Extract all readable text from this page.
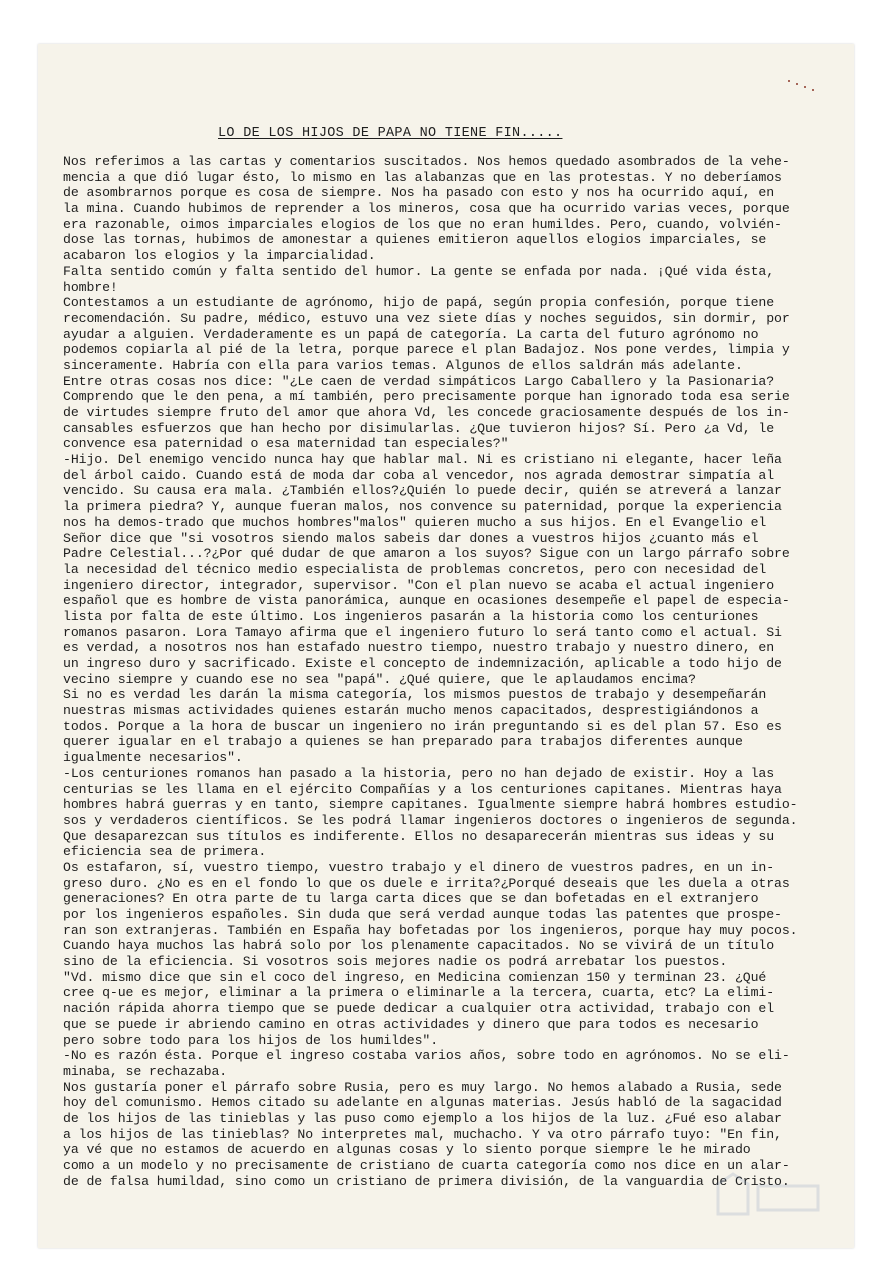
LO DE LOS HIJOS DE PAPA NO TIENE FIN.....
Nos referimos a las cartas y comentarios suscitados. Nos hemos quedado asombrados de la vehe-
mencia a que dió lugar ésto, lo mismo en las alabanzas que en las protestas. Y no deberíamos
de asombrarnos porque es cosa de siempre. Nos ha pasado con esto y nos ha ocurrido aquí, en
la mina. Cuando hubimos de reprender a los mineros, cosa que ha ocurrido varias veces, porque
era razonable, oimos imparciales elogios de los que no eran humildes. Pero, cuando, volvién-
dose las tornas, hubimos de amonestar a quienes emitieron aquellos elogios imparciales, se
acabaron los elogios y la imparcialidad.
Falta sentido común y falta sentido del humor. La gente se enfada por nada. ¡Qué vida ésta,
hombre!
Contestamos a un estudiante de agrónomo, hijo de papá, según propia confesión, porque tiene
recomendación. Su padre, médico, estuvo una vez siete días y noches seguidos, sin dormir, por
ayudar a alguien. Verdaderamente es un papá de categoría. La carta del futuro agrónomo no
podemos copiarla al pié de la letra, porque parece el plan Badajoz. Nos pone verdes, limpia y
sinceramente. Habría con ella para varios temas. Algunos de ellos saldrán más adelante.
Entre otras cosas nos dice: "¿Le caen de verdad simpáticos Largo Caballero y la Pasionaria?
Comprendo que le den pena, a mí también, pero precisamente porque han ignorado toda esa serie
de virtudes siempre fruto del amor que ahora Vd, les concede graciosamente después de los in-
cansables esfuerzos que han hecho por disimularlas. ¿Que tuvieron hijos? Sí. Pero ¿a Vd, le
convence esa paternidad o esa maternidad tan especiales?"
-Hijo. Del enemigo vencido nunca hay que hablar mal. Ni es cristiano ni elegante, hacer leña
del árbol caido. Cuando está de moda dar coba al vencedor, nos agrada demostrar simpatía al
vencido. Su causa era mala. ¿También ellos?¿Quién lo puede decir, quién se atreverá a lanzar
la primera piedra? Y, aunque fueran malos, nos convence su paternidad, porque la experiencia
nos ha demos-trado que muchos hombres"malos" quieren mucho a sus hijos. En el Evangelio el
Señor dice que "si vosotros siendo malos sabeis dar dones a vuestros hijos ¿cuanto más el
Padre Celestial...?¿Por qué dudar de que amaron a los suyos? Sigue con un largo párrafo sobre
la necesidad del técnico medio especialista de problemas concretos, pero con necesidad del
ingeniero director, integrador, supervisor. "Con el plan nuevo se acaba el actual ingeniero
español que es hombre de vista panorámica, aunque en ocasiones desempeñe el papel de especia-
lista por falta de este último. Los ingenieros pasarán a la historia como los centuriones
romanos pasaron. Lora Tamayo afirma que el ingeniero futuro lo será tanto como el actual. Si
es verdad, a nosotros nos han estafado nuestro tiempo, nuestro trabajo y nuestro dinero, en
un ingreso duro y sacrificado. Existe el concepto de indemnización, aplicable a todo hijo de
vecino siempre y cuando ese no sea "papá". ¿Qué quiere, que le aplaudamos encima?
Si no es verdad les darán la misma categoría, los mismos puestos de trabajo y desempeñarán
nuestras mismas actividades quienes estarán mucho menos capacitados, desprestigiándonos a
todos. Porque a la hora de buscar un ingeniero no irán preguntando si es del plan 57. Eso es
querer igualar en el trabajo a quienes se han preparado para trabajos diferentes aunque
igualmente necesarios".
-Los centuriones romanos han pasado a la historia, pero no han dejado de existir. Hoy a las
centurias se les llama en el ejército Compañías y a los centuriones capitanes. Mientras haya
hombres habrá guerras y en tanto, siempre capitanes. Igualmente siempre habrá hombres estudio-
sos y verdaderos científicos. Se les podrá llamar ingenieros doctores o ingenieros de segunda.
Que desaparezcan sus títulos es indiferente. Ellos no desaparecerán mientras sus ideas y su
eficiencia sea de primera.
Os estafaron, sí, vuestro tiempo, vuestro trabajo y el dinero de vuestros padres, en un in-
greso duro. ¿No es en el fondo lo que os duele e irrita?¿Porqué deseais que les duela a otras
generaciones? En otra parte de tu larga carta dices que se dan bofetadas en el extranjero
por los ingenieros españoles. Sin duda que será verdad aunque todas las patentes que prospe-
ran son extranjeras. También en España hay bofetadas por los ingenieros, porque hay muy pocos.
Cuando haya muchos las habrá solo por los plenamente capacitados. No se vivirá de un título
sino de la eficiencia. Si vosotros sois mejores nadie os podrá arrebatar los puestos.
"Vd. mismo dice que sin el coco del ingreso, en Medicina comienzan 150 y terminan 23. ¿Qué
cree q-ue es mejor, eliminar a la primera o eliminarle a la tercera, cuarta, etc? La elimi-
nación rápida ahorra tiempo que se puede dedicar a cualquier otra actividad, trabajo con el
que se puede ir abriendo camino en otras actividades y dinero que para todos es necesario
pero sobre todo para los hijos de los humildes".
-No es razón ésta. Porque el ingreso costaba varios años, sobre todo en agrónomos. No se eli-
minaba, se rechazaba.
Nos gustaría poner el párrafo sobre Rusia, pero es muy largo. No hemos alabado a Rusia, sede
hoy del comunismo. Hemos citado su adelante en algunas materias. Jesús habló de la sagacidad
de los hijos de las tinieblas y las puso como ejemplo a los hijos de la luz. ¿Fué eso alabar
a los hijos de las tinieblas? No interpretes mal, muchacho. Y va otro párrafo tuyo: "En fin,
ya vé que no estamos de acuerdo en algunas cosas y lo siento porque siempre le he mirado
como a un modelo y no precisamente de cristiano de cuarta categoría como nos dice en un alar-
de de falsa humildad, sino como un cristiano de primera división, de la vanguardia de Cristo.
